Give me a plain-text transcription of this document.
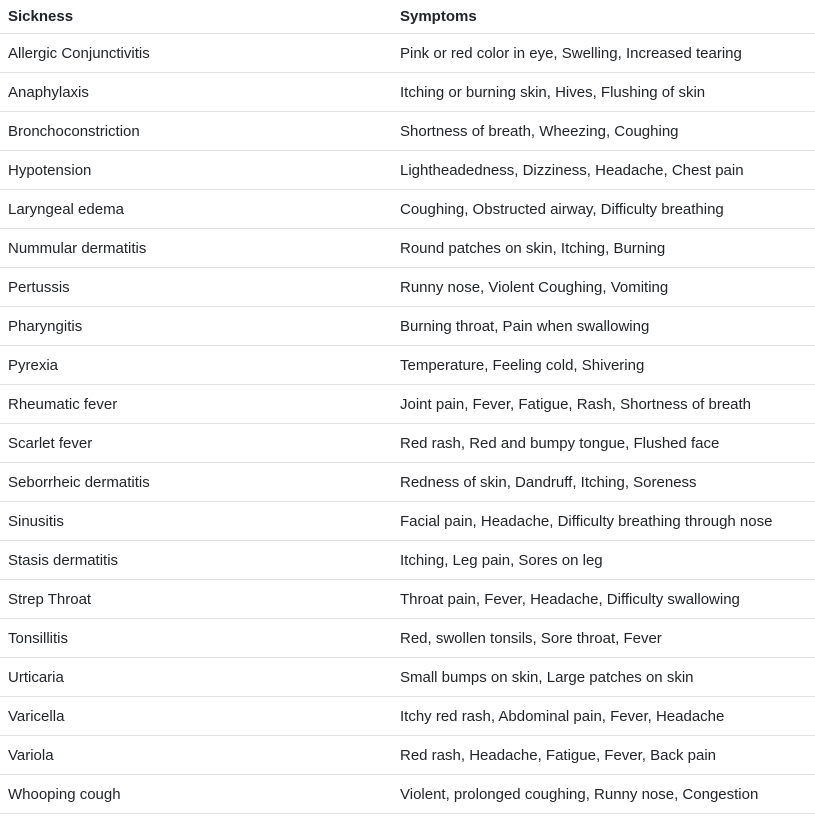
Sickness	Symptoms
Allergic Conjunctivitis	Pink or red color in eye, Swelling, Increased tearing
Anaphylaxis	Itching or burning skin, Hives, Flushing of skin
Bronchoconstriction	Shortness of breath, Wheezing, Coughing
Hypotension	Lightheadedness, Dizziness, Headache, Chest pain
Laryngeal edema	Coughing, Obstructed airway, Difficulty breathing
Nummular dermatitis	Round patches on skin, Itching, Burning
Pertussis	Runny nose, Violent Coughing, Vomiting
Pharyngitis	Burning throat, Pain when swallowing
Pyrexia	Temperature, Feeling cold, Shivering
Rheumatic fever	Joint pain, Fever, Fatigue, Rash, Shortness of breath
Scarlet fever	Red rash, Red and bumpy tongue, Flushed face
Seborrheic dermatitis	Redness of skin, Dandruff, Itching, Soreness
Sinusitis	Facial pain, Headache, Difficulty breathing through nose
Stasis dermatitis	Itching, Leg pain, Sores on leg
Strep Throat	Throat pain, Fever, Headache, Difficulty swallowing
Tonsillitis	Red, swollen tonsils, Sore throat, Fever
Urticaria	Small bumps on skin, Large patches on skin
Varicella	Itchy red rash, Abdominal pain, Fever, Headache
Variola	Red rash, Headache, Fatigue, Fever, Back pain
Whooping cough	Violent, prolonged coughing, Runny nose, Congestion
